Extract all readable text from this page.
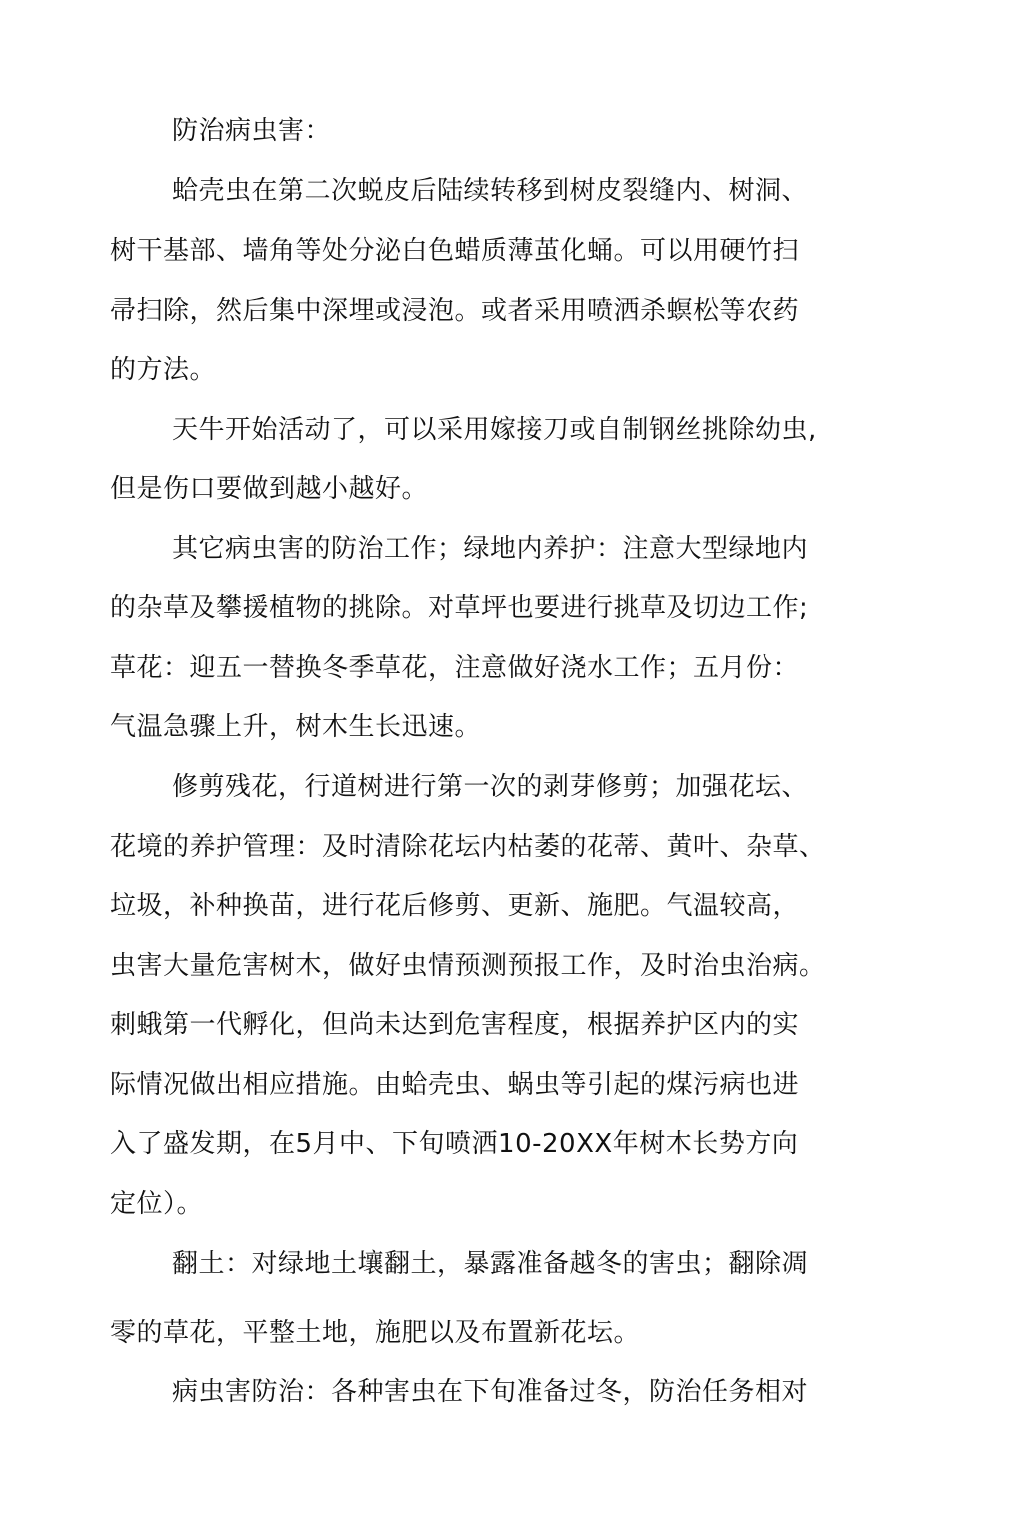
防治病虫害：
蛤壳虫在第二次蜕皮后陆续转移到树皮裂缝内、树洞、
树干基部、墙角等处分泌白色蜡质薄茧化蛹。可以用硬竹扫
帚扫除，然后集中深埋或浸泡。或者采用喷洒杀螟松等农药
的方法。
天牛开始活动了，可以采用嫁接刀或自制钢丝挑除幼虫,
但是伤口要做到越小越好。
其它病虫害的防治工作；绿地内养护：注意大型绿地内
的杂草及攀援植物的挑除。对草坪也要进行挑草及切边工作;
草花：迎五一替换冬季草花，注意做好浇水工作；五月份：
气温急骤上升，树木生长迅速。
修剪残花，行道树进行第一次的剥芽修剪；加强花坛、
花境的养护管理：及时清除花坛内枯萎的花蒂、黄叶、杂草、
垃圾，补种换苗，进行花后修剪、更新、施肥。气温较高，
虫害大量危害树木，做好虫情预测预报工作，及时治虫治病。
刺蛾第一代孵化，但尚未达到危害程度，根据养护区内的实
际情况做出相应措施。由蛤壳虫、蜗虫等引起的煤污病也进
入了盛发期，在5月中、下旬喷洒10-20XX年树木长势方向
定位）。
翻土：对绿地土壤翻土，暴露准备越冬的害虫；翻除凋
零的草花，平整土地，施肥以及布置新花坛。
病虫害防治：各种害虫在下旬准备过冬，防治任务相对
